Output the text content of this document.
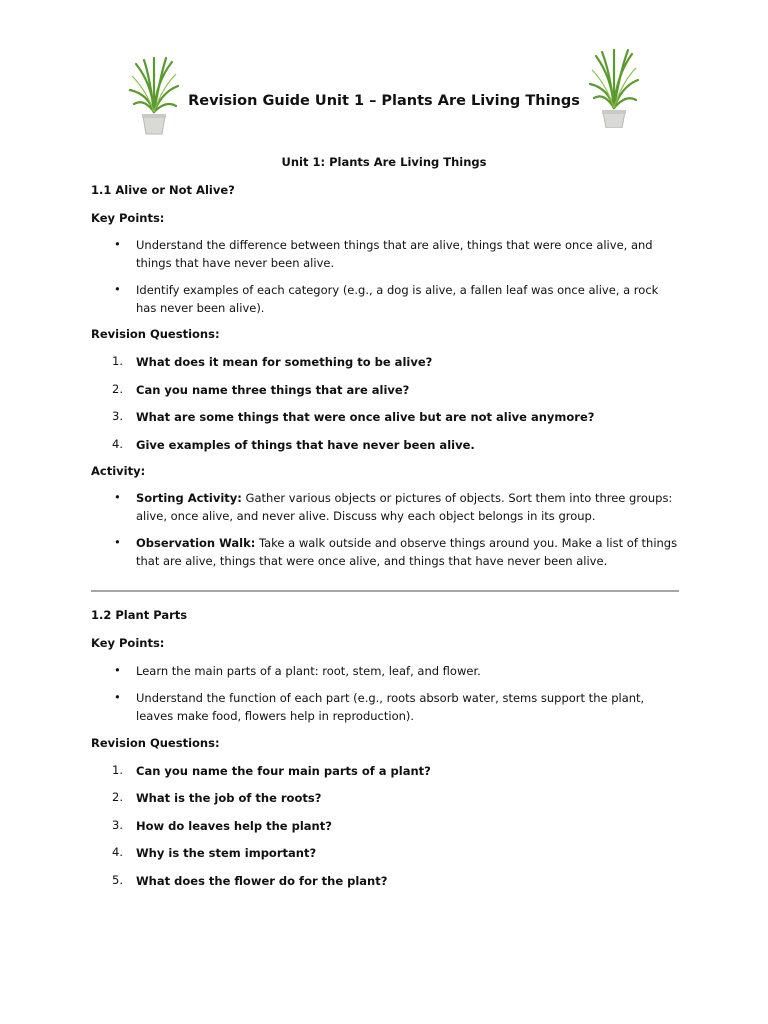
Revision Guide Unit 1 – Plants Are Living Things
Unit 1: Plants Are Living Things
1.1 Alive or Not Alive?
Key Points:
• Understand the difference between things that are alive, things that were once alive, and things that have never been alive.
• Identify examples of each category (e.g., a dog is alive, a fallen leaf was once alive, a rock has never been alive).
Revision Questions:
1. What does it mean for something to be alive?
2. Can you name three things that are alive?
3. What are some things that were once alive but are not alive anymore?
4. Give examples of things that have never been alive.
Activity:
• Sorting Activity: Gather various objects or pictures of objects. Sort them into three groups: alive, once alive, and never alive. Discuss why each object belongs in its group.
• Observation Walk: Take a walk outside and observe things around you. Make a list of things that are alive, things that were once alive, and things that have never been alive.
1.2 Plant Parts
Key Points:
• Learn the main parts of a plant: root, stem, leaf, and flower.
• Understand the function of each part (e.g., roots absorb water, stems support the plant, leaves make food, flowers help in reproduction).
Revision Questions:
1. Can you name the four main parts of a plant?
2. What is the job of the roots?
3. How do leaves help the plant?
4. Why is the stem important?
5. What does the flower do for the plant?
